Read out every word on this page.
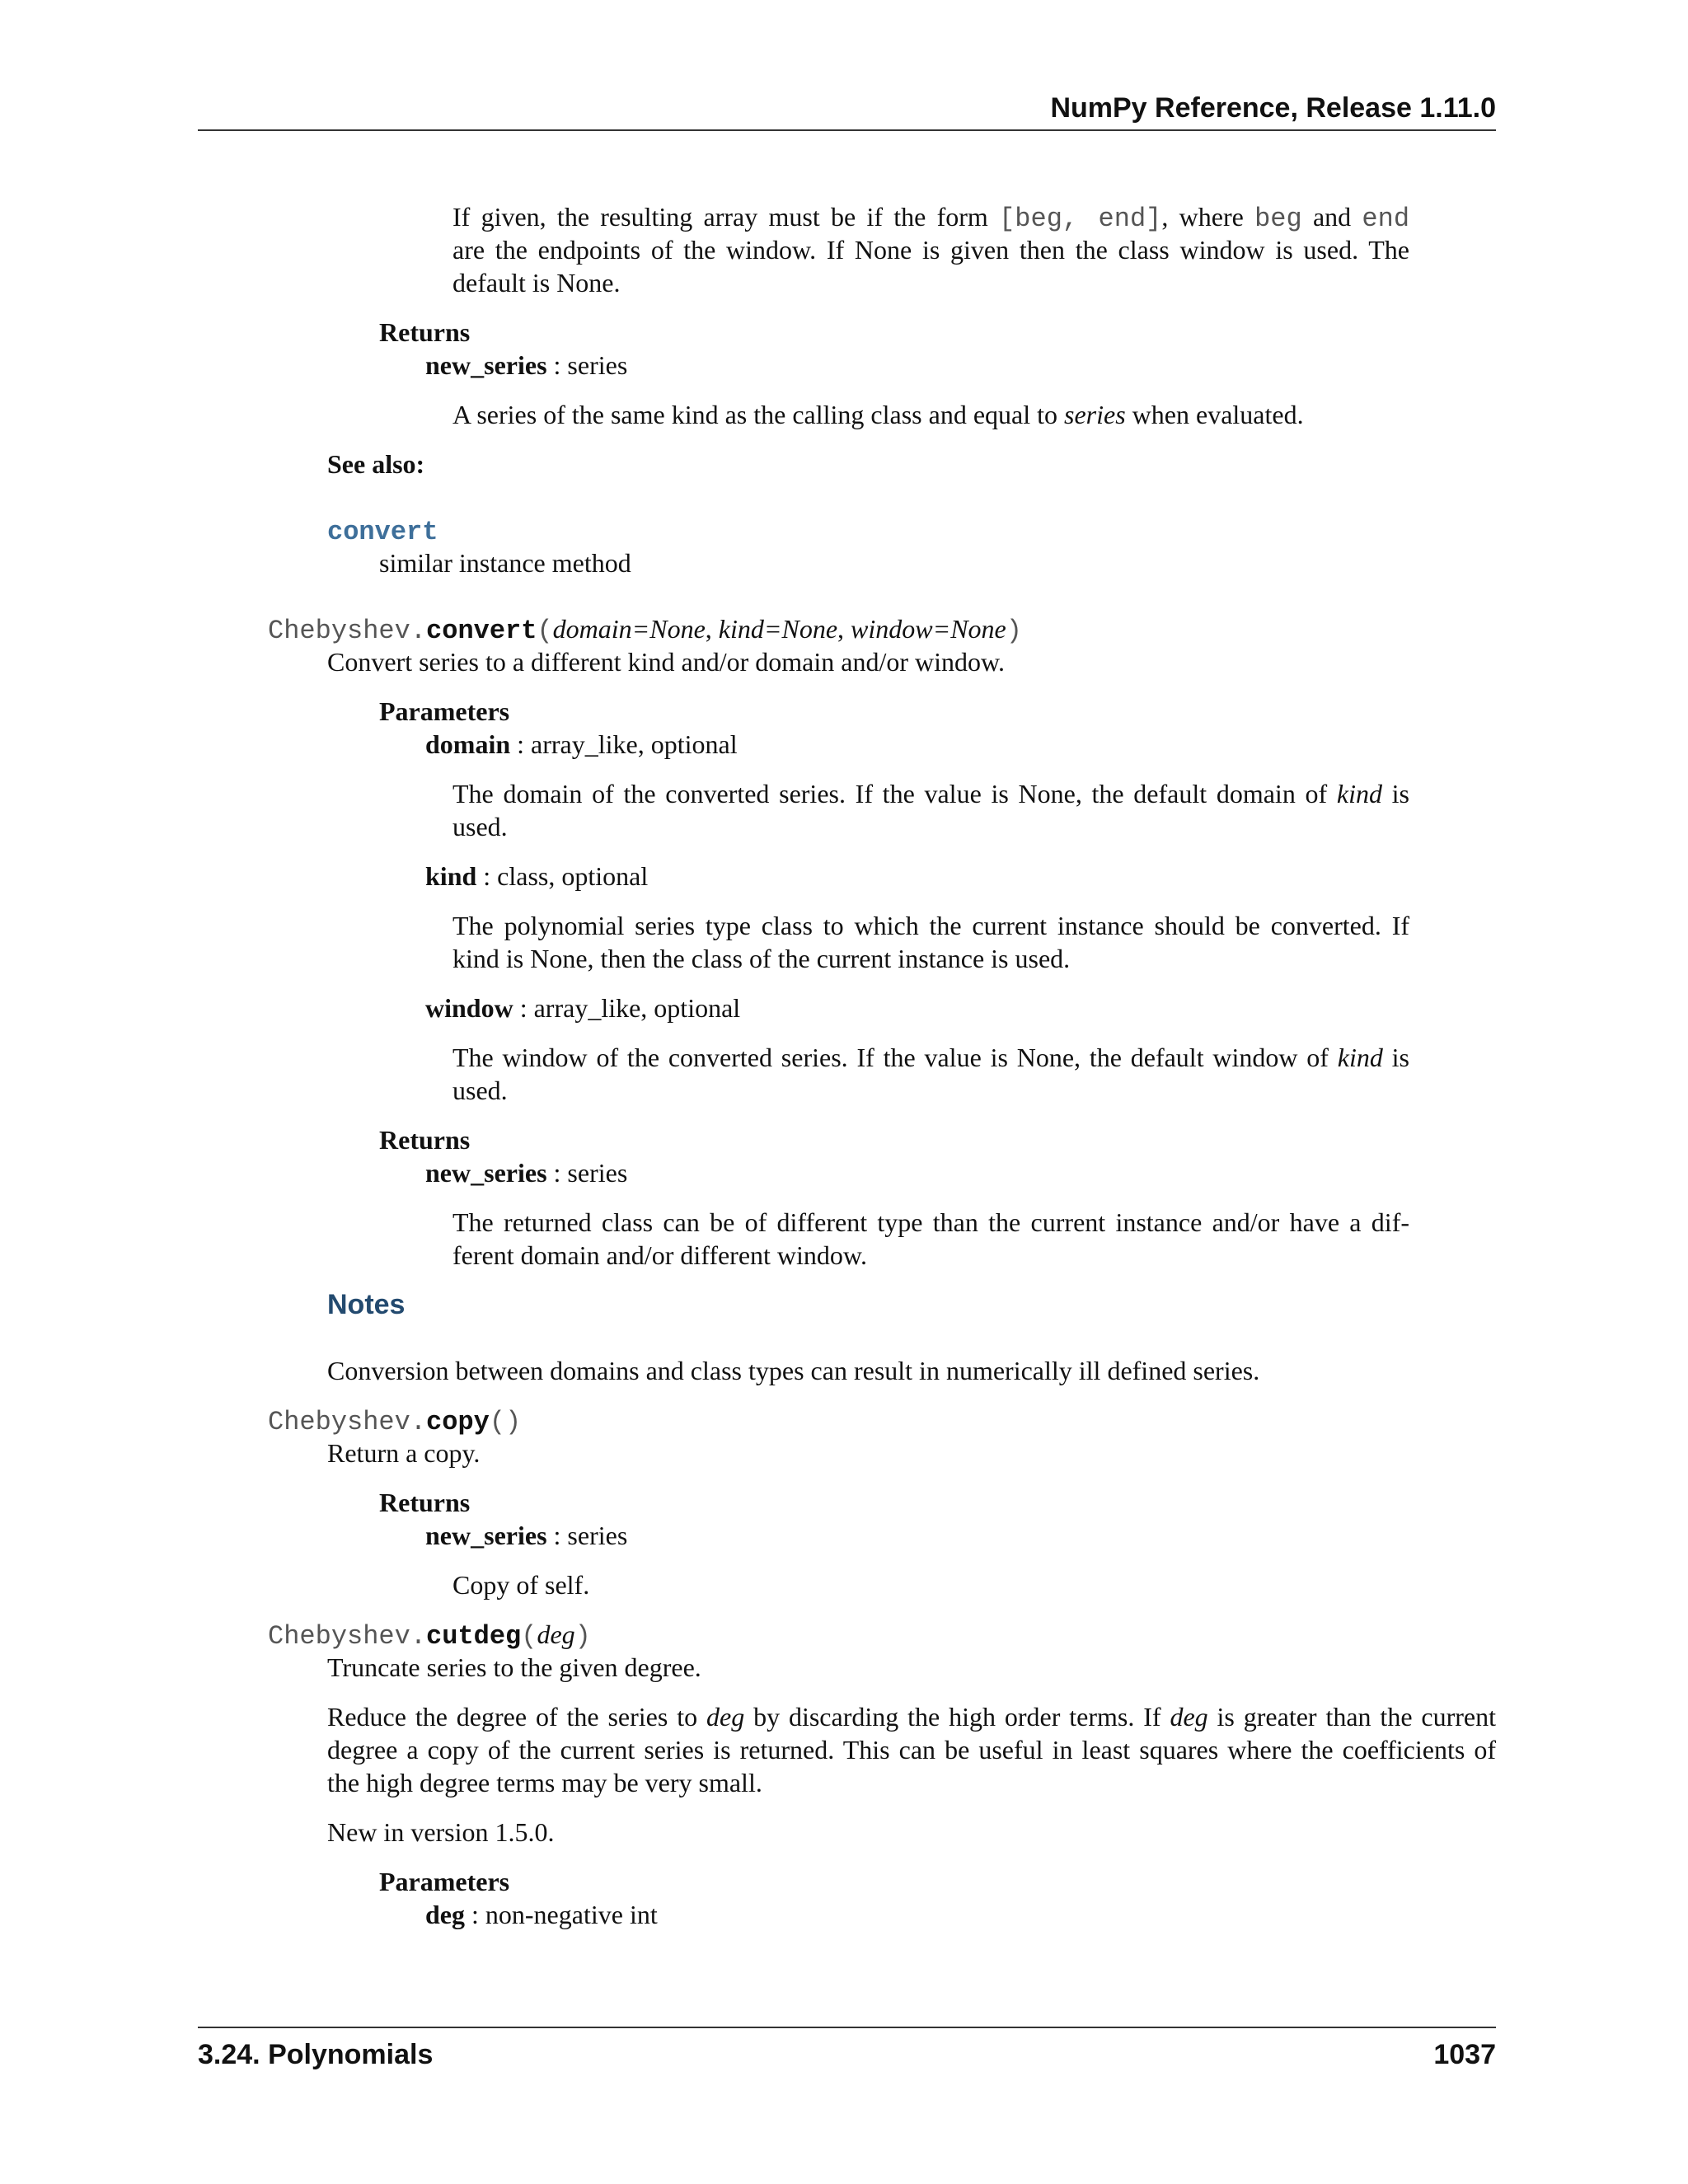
NumPy Reference, Release 1.11.0
If given, the resulting array must be if the form [beg, end], where beg and end
are the endpoints of the window. If None is given then the class window is used. The
default is None.
Returns
new_series : series
A series of the same kind as the calling class and equal to series when evaluated.
See also:
convert
similar instance method
Chebyshev.convert(domain=None, kind=None, window=None)
Convert series to a different kind and/or domain and/or window.
Parameters
domain : array_like, optional
The domain of the converted series. If the value is None, the default domain of kind is
used.
kind : class, optional
The polynomial series type class to which the current instance should be converted. If
kind is None, then the class of the current instance is used.
window : array_like, optional
The window of the converted series. If the value is None, the default window of kind is
used.
Returns
new_series : series
The returned class can be of different type than the current instance and/or have a dif-
ferent domain and/or different window.
Notes
Conversion between domains and class types can result in numerically ill defined series.
Chebyshev.copy()
Return a copy.
Returns
new_series : series
Copy of self.
Chebyshev.cutdeg(deg)
Truncate series to the given degree.
Reduce the degree of the series to deg by discarding the high order terms. If deg is greater than the current
degree a copy of the current series is returned. This can be useful in least squares where the coefficients of
the high degree terms may be very small.
New in version 1.5.0.
Parameters
deg : non-negative int
3.24. Polynomials	1037
